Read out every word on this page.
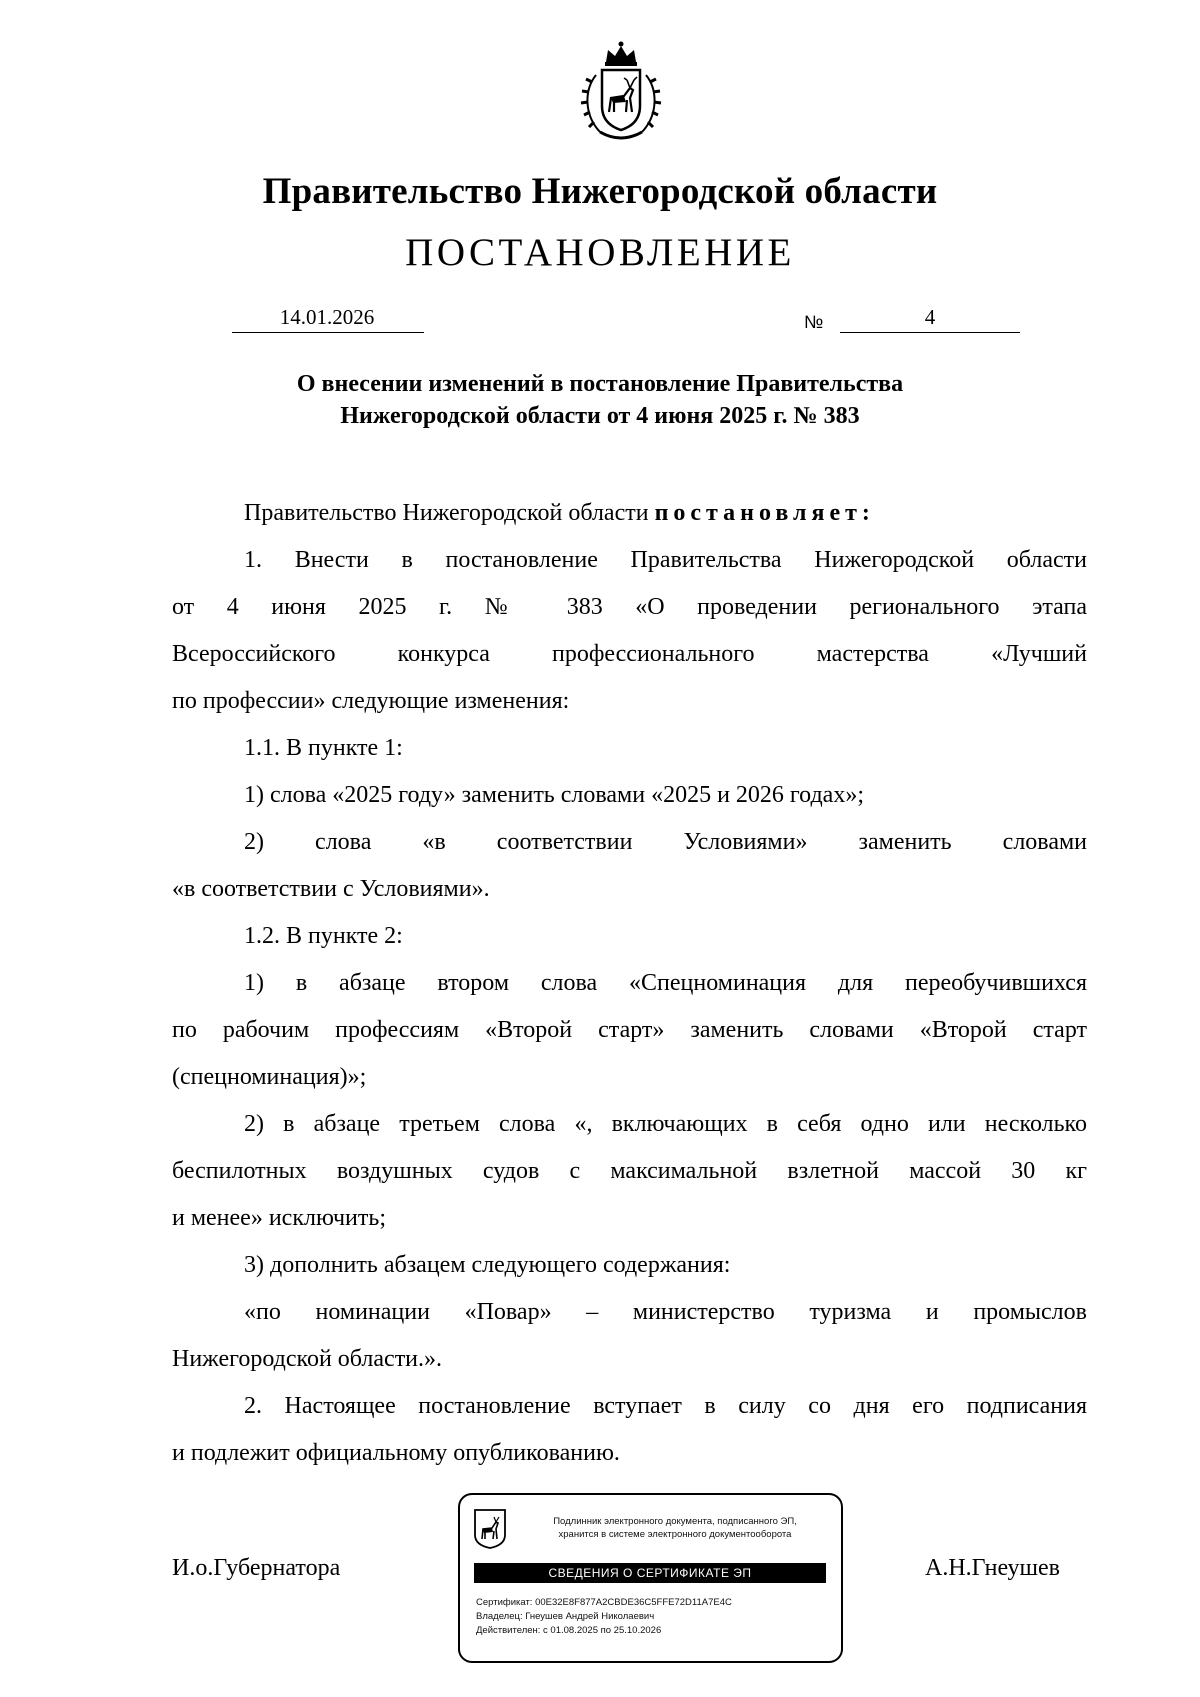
Правительство Нижегородской области
ПОСТАНОВЛЕНИЕ
14.01.2026	№	4
О внесении изменений в постановление Правительства
Нижегородской области от 4 июня 2025 г. № 383
Правительство Нижегородской области постановляет:
1. Внести в постановление Правительства Нижегородской области
от 4 июня 2025 г. № 383 «О проведении регионального этапа
Всероссийского конкурса профессионального мастерства «Лучший
по профессии» следующие изменения:
1.1. В пункте 1:
1) слова «2025 году» заменить словами «2025 и 2026 годах»;
2) слова «в соответствии Условиями» заменить словами
«в соответствии с Условиями».
1.2. В пункте 2:
1) в абзаце втором слова «Спецноминация для переобучившихся
по рабочим профессиям «Второй старт» заменить словами «Второй старт
(спецноминация)»;
2) в абзаце третьем слова «, включающих в себя одно или несколько
беспилотных воздушных судов с максимальной взлетной массой 30 кг
и менее» исключить;
3) дополнить абзацем следующего содержания:
«по номинации «Повар» – министерство туризма и промыслов
Нижегородской области.».
2. Настоящее постановление вступает в силу со дня его подписания
и подлежит официальному опубликованию.
И.о.Губернатора	А.Н.Гнеушев
Подлинник электронного документа, подписанного ЭП,
хранится в системе электронного документооборота
СВЕДЕНИЯ О СЕРТИФИКАТЕ ЭП
Сертификат: 00E32E8F877A2CBDE36C5FFE72D11A7E4C
Владелец: Гнеушев Андрей Николаевич
Действителен: с 01.08.2025 по 25.10.2026
